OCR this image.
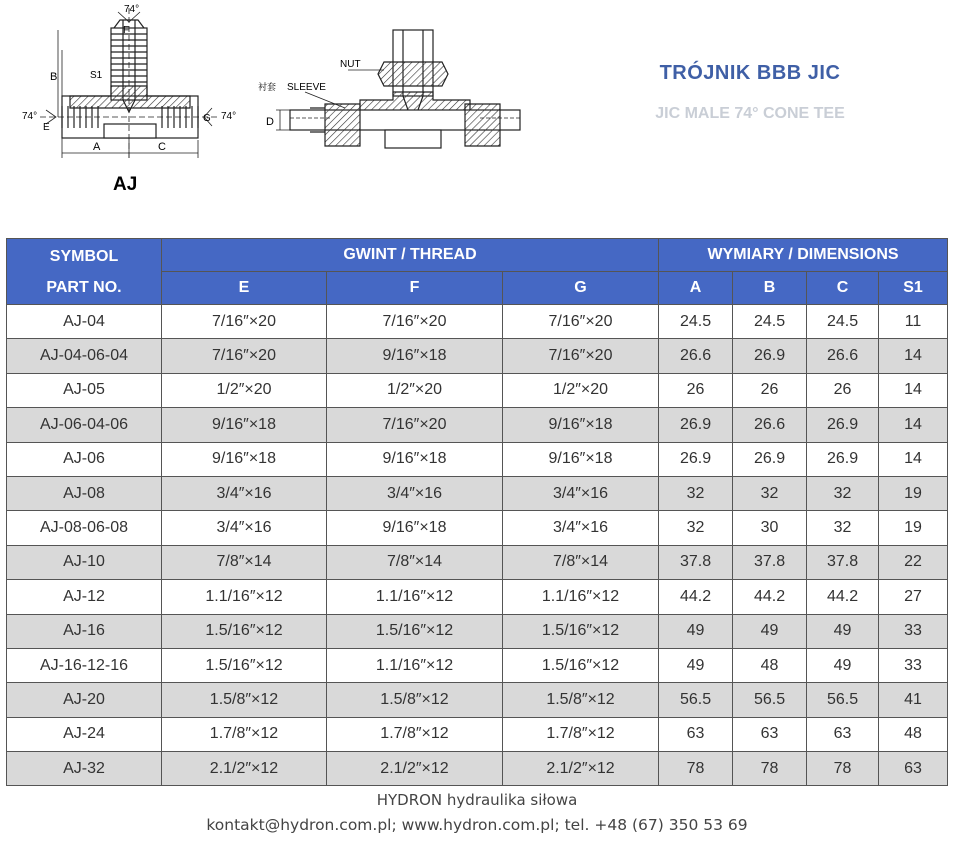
74°
F
B	S1
74°
E
G 74°
A	C
AJ
NUT
衬套 SLEEVE
D
TRÓJNIK BBB JIC
JIC MALE 74° CONE TEE
SYMBOL
PART NO.	GWINT / THREAD			WYMIARY / DIMENSIONS			
	E	F	G	A	B	C	S1
AJ-04	7/16″×20	7/16″×20	7/16″×20	24.5	24.5	24.5	11
AJ-04-06-04	7/16″×20	9/16″×18	7/16″×20	26.6	26.9	26.6	14
AJ-05	1/2″×20	1/2″×20	1/2″×20	26	26	26	14
AJ-06-04-06	9/16″×18	7/16″×20	9/16″×18	26.9	26.6	26.9	14
AJ-06	9/16″×18	9/16″×18	9/16″×18	26.9	26.9	26.9	14
AJ-08	3/4″×16	3/4″×16	3/4″×16	32	32	32	19
AJ-08-06-08	3/4″×16	9/16″×18	3/4″×16	32	30	32	19
AJ-10	7/8″×14	7/8″×14	7/8″×14	37.8	37.8	37.8	22
AJ-12	1.1/16″×12	1.1/16″×12	1.1/16″×12	44.2	44.2	44.2	27
AJ-16	1.5/16″×12	1.5/16″×12	1.5/16″×12	49	49	49	33
AJ-16-12-16	1.5/16″×12	1.1/16″×12	1.5/16″×12	49	48	49	33
AJ-20	1.5/8″×12	1.5/8″×12	1.5/8″×12	56.5	56.5	56.5	41
AJ-24	1.7/8″×12	1.7/8″×12	1.7/8″×12	63	63	63	48
AJ-32	2.1/2″×12	2.1/2″×12	2.1/2″×12	78	78	78	63
HYDRON hydraulika siłowa
kontakt@hydron.com.pl; www.hydron.com.pl; tel. +48 (67) 350 53 69
